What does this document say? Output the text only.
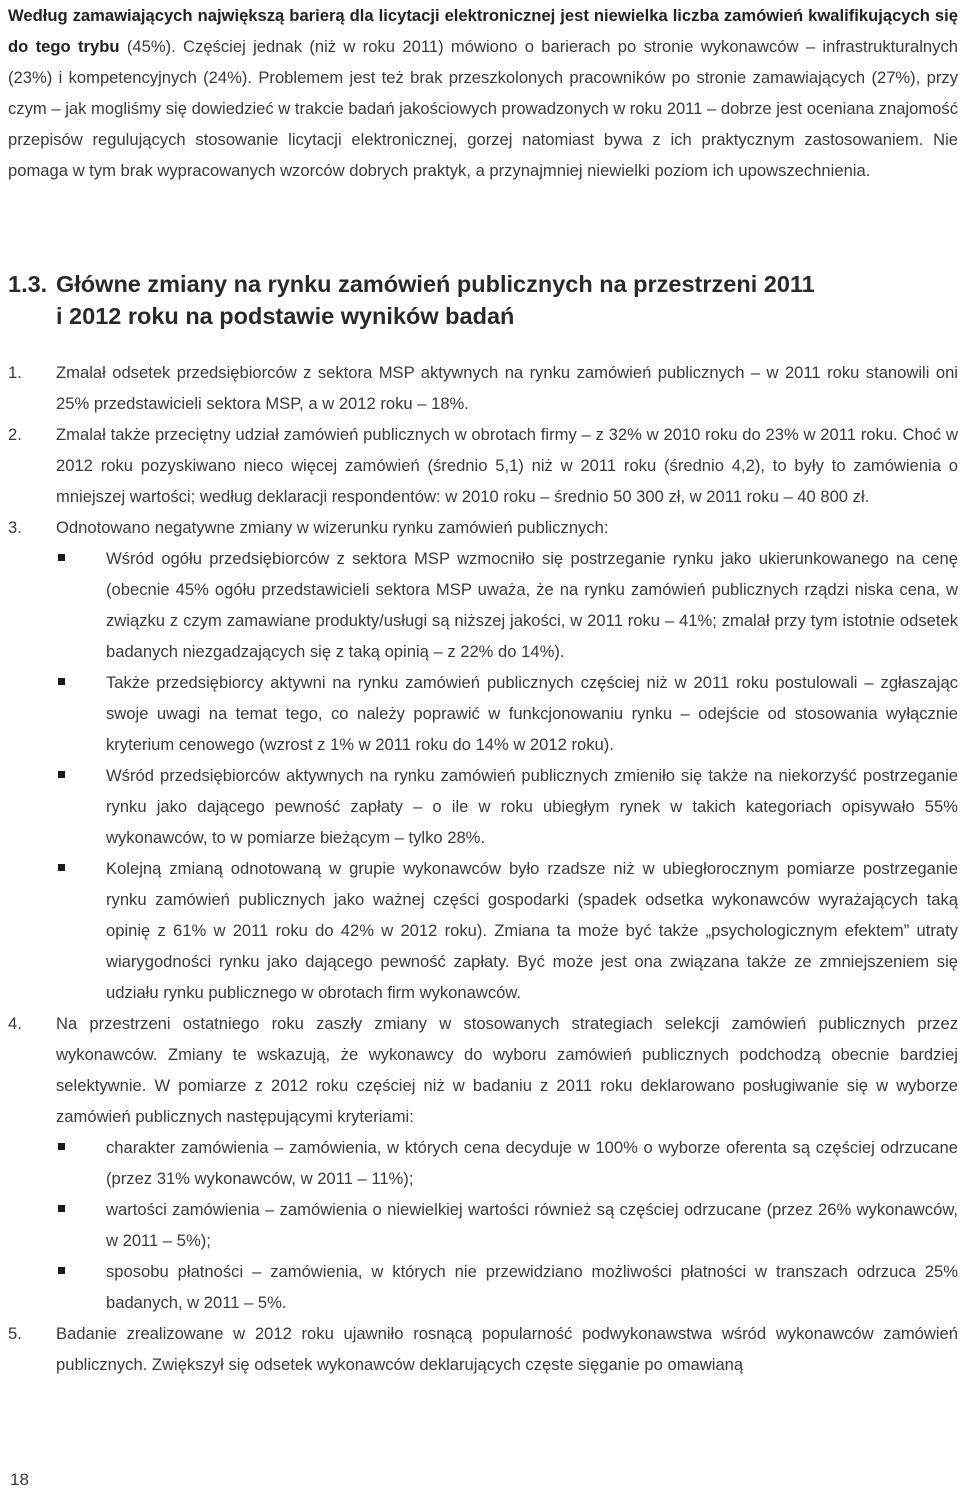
Według zamawiających największą barierą dla licytacji elektronicznej jest niewielka liczba zamówień kwalifikujących się do tego trybu (45%). Częściej jednak (niż w roku 2011) mówiono o barierach po stronie wykonawców – infrastrukturalnych (23%) i kompetencyjnych (24%). Problemem jest też brak przeszkolonych pracowników po stronie zamawiających (27%), przy czym – jak mogliśmy się dowiedzieć w trakcie badań jakościowych prowadzonych w roku 2011 – dobrze jest oceniana znajomość przepisów regulujących stosowanie licytacji elektronicznej, gorzej natomiast bywa z ich praktycznym zastosowaniem. Nie pomaga w tym brak wypracowanych wzorców dobrych praktyk, a przynajmniej niewielki poziom ich upowszechnienia.

1.3. Główne zmiany na rynku zamówień publicznych na przestrzeni 2011
i 2012 roku na podstawie wyników badań
1. Zmalał odsetek przedsiębiorców z sektora MSP aktywnych na rynku zamówień publicznych – w 2011 roku stanowili oni 25% przedstawicieli sektora MSP, a w 2012 roku – 18%.
2. Zmalał także przeciętny udział zamówień publicznych w obrotach firmy – z 32% w 2010 roku do 23% w 2011 roku. Choć w 2012 roku pozyskiwano nieco więcej zamówień (średnio 5,1) niż w 2011 roku (średnio 4,2), to były to zamówienia o mniejszej wartości; według deklaracji respondentów: w 2010 roku – średnio 50 300 zł, w 2011 roku – 40 800 zł.
3. Odnotowano negatywne zmiany w wizerunku rynku zamówień publicznych:
Wśród ogółu przedsiębiorców z sektora MSP wzmocniło się postrzeganie rynku jako ukierunkowanego na cenę (obecnie 45% ogółu przedstawicieli sektora MSP uważa, że na rynku zamówień publicznych rządzi niska cena, w związku z czym zamawiane produkty/usługi są niższej jakości, w 2011 roku – 41%; zmalał przy tym istotnie odsetek badanych niezgadzających się z taką opinią – z 22% do 14%).
Także przedsiębiorcy aktywni na rynku zamówień publicznych częściej niż w 2011 roku postulowali – zgłaszając swoje uwagi na temat tego, co należy poprawić w funkcjonowaniu rynku – odejście od stosowania wyłącznie kryterium cenowego (wzrost z 1% w 2011 roku do 14% w 2012 roku).
Wśród przedsiębiorców aktywnych na rynku zamówień publicznych zmieniło się także na niekorzyść postrzeganie rynku jako dającego pewność zapłaty – o ile w roku ubiegłym rynek w takich kategoriach opisywało 55% wykonawców, to w pomiarze bieżącym – tylko 28%.
Kolejną zmianą odnotowaną w grupie wykonawców było rzadsze niż w ubiegłorocznym pomiarze postrzeganie rynku zamówień publicznych jako ważnej części gospodarki (spadek odsetka wykonawców wyrażających taką opinię z 61% w 2011 roku do 42% w 2012 roku). Zmiana ta może być także „psychologicznym efektem” utraty wiarygodności rynku jako dającego pewność zapłaty. Być może jest ona związana także ze zmniejszeniem się udziału rynku publicznego w obrotach firm wykonawców.
4. Na przestrzeni ostatniego roku zaszły zmiany w stosowanych strategiach selekcji zamówień publicznych przez wykonawców. Zmiany te wskazują, że wykonawcy do wyboru zamówień publicznych podchodzą obecnie bardziej selektywnie. W pomiarze z 2012 roku częściej niż w badaniu z 2011 roku deklarowano posługiwanie się w wyborze zamówień publicznych następującymi kryteriami:
charakter zamówienia – zamówienia, w których cena decyduje w 100% o wyborze oferenta są częściej odrzucane (przez 31% wykonawców, w 2011 – 11%);
wartości zamówienia – zamówienia o niewielkiej wartości również są częściej odrzucane (przez 26% wykonawców, w 2011 – 5%);
sposobu płatności – zamówienia, w których nie przewidziano możliwości płatności w transzach odrzuca 25% badanych, w 2011 – 5%.
5. Badanie zrealizowane w 2012 roku ujawniło rosnącą popularność podwykonawstwa wśród wykonawców zamówień publicznych. Zwiększył się odsetek wykonawców deklarujących częste sięganie po omawianą
18
